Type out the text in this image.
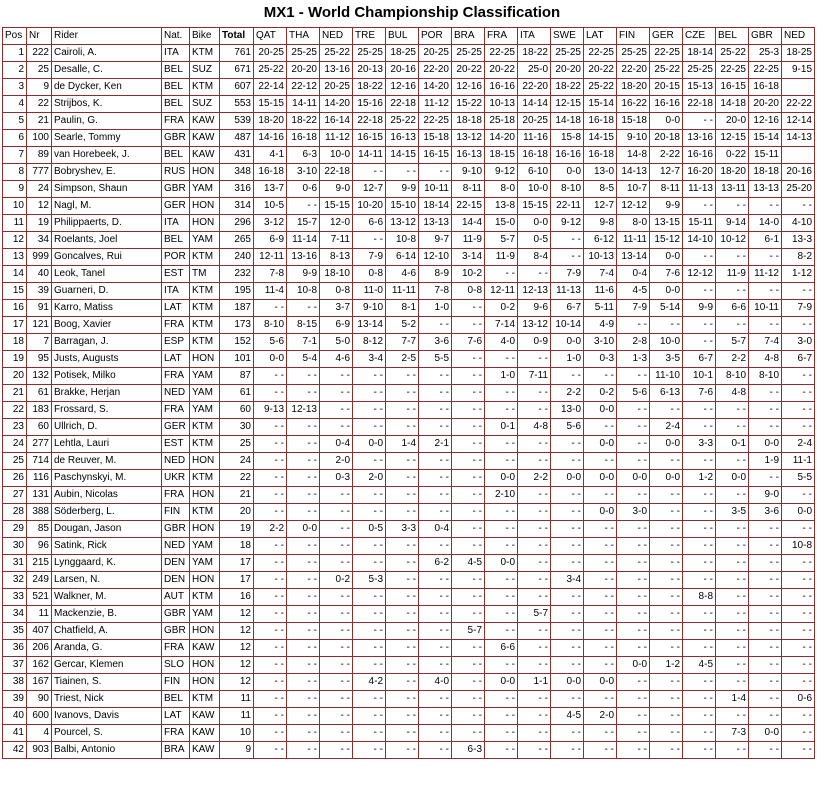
MX1 - World Championship Classification
Pos	Nr	Rider	Nat.	Bike	Total	QAT	THA	NED	TRE	BUL	POR	BRA	FRA	ITA	SWE	LAT	FIN	GER	CZE	BEL	GBR	NED
1	222	Cairoli, A.	ITA	KTM	761	20-25	25-25	25-22	25-25	18-25	20-25	25-25	22-25	18-22	25-25	22-25	25-25	22-25	18-14	25-22	25-3	18-25
2	25	Desalle, C.	BEL	SUZ	671	25-22	20-20	13-16	20-13	20-16	22-20	20-22	20-22	25-0	20-20	20-22	22-20	25-22	25-25	22-25	22-25	9-15
3	9	de Dycker, Ken	BEL	KTM	607	22-14	22-12	20-25	18-22	12-16	14-20	12-16	16-16	22-20	18-22	25-22	18-20	20-15	15-13	16-15	16-18	
4	22	Strijbos, K.	BEL	SUZ	553	15-15	14-11	14-20	15-16	22-18	11-12	15-22	10-13	14-14	12-15	15-14	16-22	16-16	22-18	14-18	20-20	22-22
5	21	Paulin, G.	FRA	KAW	539	18-20	18-22	16-14	22-18	25-22	22-25	18-18	25-18	20-25	14-18	16-18	15-18	0-0	- -	20-0	12-16	12-14
6	100	Searle, Tommy	GBR	KAW	487	14-16	16-18	11-12	16-15	16-13	15-18	13-12	14-20	11-16	15-8	14-15	9-10	20-18	13-16	12-15	15-14	14-13
7	89	van Horebeek, J.	BEL	KAW	431	4-1	6-3	10-0	14-11	14-15	16-15	16-13	18-15	16-18	16-16	16-18	14-8	2-22	16-16	0-22	15-11	
8	777	Bobryshev, E.	RUS	HON	348	16-18	3-10	22-18	- -	- -	- -	9-10	9-12	6-10	0-0	13-0	14-13	12-7	16-20	18-20	18-18	20-16
9	24	Simpson, Shaun	GBR	YAM	316	13-7	0-6	9-0	12-7	9-9	10-11	8-11	8-0	10-0	8-10	8-5	10-7	8-11	11-13	13-11	13-13	25-20
10	12	Nagl, M.	GER	HON	314	10-5	- -	15-15	10-20	15-10	18-14	22-15	13-8	15-15	22-11	12-7	12-12	9-9	- -	- -	- -	- -
11	19	Philippaerts, D.	ITA	HON	296	3-12	15-7	12-0	6-6	13-12	13-13	14-4	15-0	0-0	9-12	9-8	8-0	13-15	15-11	9-14	14-0	4-10
12	34	Roelants, Joel	BEL	YAM	265	6-9	11-14	7-11	- -	10-8	9-7	11-9	5-7	0-5	- -	6-12	11-11	15-12	14-10	10-12	6-1	13-3
13	999	Goncalves, Rui	POR	KTM	240	12-11	13-16	8-13	7-9	6-14	12-10	3-14	11-9	8-4	- -	10-13	13-14	0-0	- -	- -	- -	8-2
14	40	Leok, Tanel	EST	TM	232	7-8	9-9	18-10	0-8	4-6	8-9	10-2	- -	- -	7-9	7-4	0-4	7-6	12-12	11-9	11-12	1-12
15	39	Guarneri, D.	ITA	KTM	195	11-4	10-8	0-8	11-0	11-11	7-8	0-8	12-11	12-13	11-13	11-6	4-5	0-0	- -	- -	- -	- -
16	91	Karro, Matiss	LAT	KTM	187	- -	- -	3-7	9-10	8-1	1-0	- -	0-2	9-6	6-7	5-11	7-9	5-14	9-9	6-6	10-11	7-9
17	121	Boog, Xavier	FRA	KTM	173	8-10	8-15	6-9	13-14	5-2	- -	- -	7-14	13-12	10-14	4-9	- -	- -	- -	- -	- -	- -
18	7	Barragan, J.	ESP	KTM	152	5-6	7-1	5-0	8-12	7-7	3-6	7-6	4-0	0-9	0-0	3-10	2-8	10-0	- -	5-7	7-4	3-0
19	95	Justs, Augusts	LAT	HON	101	0-0	5-4	4-6	3-4	2-5	5-5	- -	- -	- -	1-0	0-3	1-3	3-5	6-7	2-2	4-8	6-7
20	132	Potisek, Milko	FRA	YAM	87	- -	- -	- -	- -	- -	- -	- -	1-0	7-11	- -	- -	- -	11-10	10-1	8-10	8-10	- -
21	61	Brakke, Herjan	NED	YAM	61	- -	- -	- -	- -	- -	- -	- -	- -	- -	2-2	0-2	5-6	6-13	7-6	4-8	- -	- -
22	183	Frossard, S.	FRA	YAM	60	9-13	12-13	- -	- -	- -	- -	- -	- -	- -	13-0	0-0	- -	- -	- -	- -	- -	- -
23	60	Ullrich, D.	GER	KTM	30	- -	- -	- -	- -	- -	- -	- -	0-1	4-8	5-6	- -	- -	2-4	- -	- -	- -	- -
24	277	Lehtla, Lauri	EST	KTM	25	- -	- -	0-4	0-0	1-4	2-1	- -	- -	- -	- -	0-0	- -	0-0	3-3	0-1	0-0	2-4
25	714	de Reuver, M.	NED	HON	24	- -	- -	2-0	- -	- -	- -	- -	- -	- -	- -	- -	- -	- -	- -	- -	1-9	11-1
26	116	Paschynskyi, M.	UKR	KTM	22	- -	- -	0-3	2-0	- -	- -	- -	0-0	2-2	0-0	0-0	0-0	0-0	1-2	0-0	- -	5-5
27	131	Aubin, Nicolas	FRA	HON	21	- -	- -	- -	- -	- -	- -	- -	2-10	- -	- -	- -	- -	- -	- -	- -	9-0	- -
28	388	Söderberg, L.	FIN	KTM	20	- -	- -	- -	- -	- -	- -	- -	- -	- -	- -	0-0	3-0	- -	- -	3-5	3-6	0-0
29	85	Dougan, Jason	GBR	HON	19	2-2	0-0	- -	0-5	3-3	0-4	- -	- -	- -	- -	- -	- -	- -	- -	- -	- -	- -
30	96	Satink, Rick	NED	YAM	18	- -	- -	- -	- -	- -	- -	- -	- -	- -	- -	- -	- -	- -	- -	- -	- -	10-8
31	215	Lynggaard, K.	DEN	YAM	17	- -	- -	- -	- -	- -	6-2	4-5	0-0	- -	- -	- -	- -	- -	- -	- -	- -	- -
32	249	Larsen, N.	DEN	HON	17	- -	- -	0-2	5-3	- -	- -	- -	- -	- -	3-4	- -	- -	- -	- -	- -	- -	- -
33	521	Walkner, M.	AUT	KTM	16	- -	- -	- -	- -	- -	- -	- -	- -	- -	- -	- -	- -	- -	8-8	- -	- -	- -
34	11	Mackenzie, B.	GBR	YAM	12	- -	- -	- -	- -	- -	- -	- -	- -	5-7	- -	- -	- -	- -	- -	- -	- -	- -
35	407	Chatfield, A.	GBR	HON	12	- -	- -	- -	- -	- -	- -	5-7	- -	- -	- -	- -	- -	- -	- -	- -	- -	- -
36	206	Aranda, G.	FRA	KAW	12	- -	- -	- -	- -	- -	- -	- -	6-6	- -	- -	- -	- -	- -	- -	- -	- -	- -
37	162	Gercar, Klemen	SLO	HON	12	- -	- -	- -	- -	- -	- -	- -	- -	- -	- -	- -	0-0	1-2	4-5	- -	- -	- -
38	167	Tiainen, S.	FIN	HON	12	- -	- -	- -	4-2	- -	4-0	- -	0-0	1-1	0-0	0-0	- -	- -	- -	- -	- -	- -
39	90	Triest, Nick	BEL	KTM	11	- -	- -	- -	- -	- -	- -	- -	- -	- -	- -	- -	- -	- -	- -	1-4	- -	0-6
40	600	Ivanovs, Davis	LAT	KAW	11	- -	- -	- -	- -	- -	- -	- -	- -	- -	4-5	2-0	- -	- -	- -	- -	- -	- -
41	4	Pourcel, S.	FRA	KAW	10	- -	- -	- -	- -	- -	- -	- -	- -	- -	- -	- -	- -	- -	- -	7-3	0-0	- -
42	903	Balbi, Antonio	BRA	KAW	9	- -	- -	- -	- -	- -	- -	6-3	- -	- -	- -	- -	- -	- -	- -	- -	- -	- -
